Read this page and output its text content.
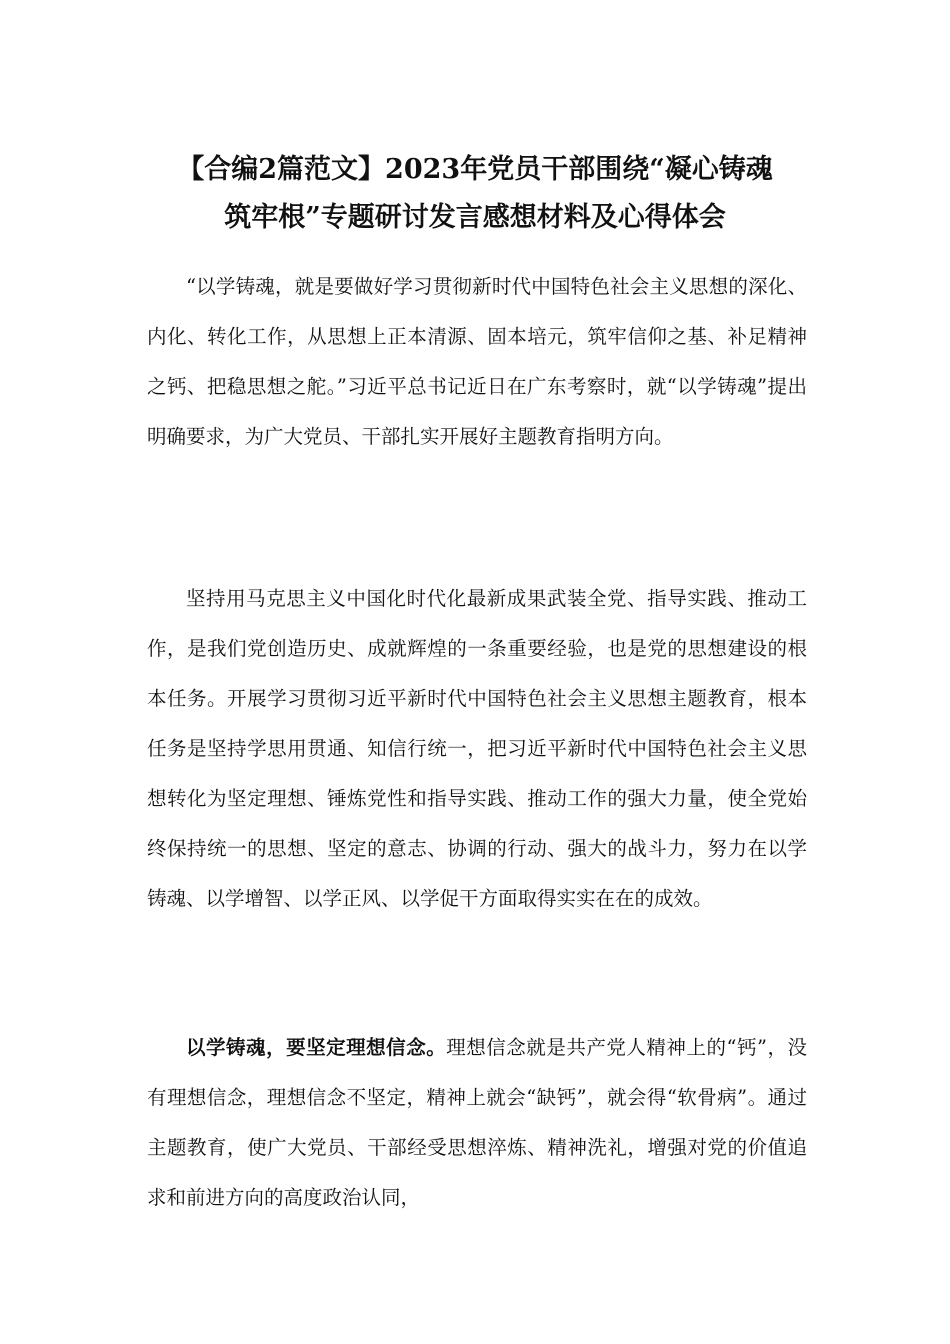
【合编2篇范文】2023年党员干部围绕“凝心铸魂
筑牢根”专题研讨发言感想材料及心得体会

“以学铸魂，就是要做好学习贯彻新时代中国特色社会主义思想的深化、内化、转化工作，从思想上正本清源、固本培元，筑牢信仰之基、补足精神之钙、把稳思想之舵。”习近平总书记近日在广东考察时，就“以学铸魂”提出明确要求，为广大党员、干部扎实开展好主题教育指明方向。

坚持用马克思主义中国化时代化最新成果武装全党、指导实践、推动工作，是我们党创造历史、成就辉煌的一条重要经验，也是党的思想建设的根本任务。开展学习贯彻习近平新时代中国特色社会主义思想主题教育，根本任务是坚持学思用贯通、知信行统一，把习近平新时代中国特色社会主义思想转化为坚定理想、锤炼党性和指导实践、推动工作的强大力量，使全党始终保持统一的思想、坚定的意志、协调的行动、强大的战斗力，努力在以学铸魂、以学增智、以学正风、以学促干方面取得实实在在的成效。

以学铸魂，要坚定理想信念。理想信念就是共产党人精神上的“钙”，没有理想信念，理想信念不坚定，精神上就会“缺钙”，就会得“软骨病”。通过主题教育，使广大党员、干部经受思想淬炼、精神洗礼，增强对党的价值追求和前进方向的高度政治认同，
